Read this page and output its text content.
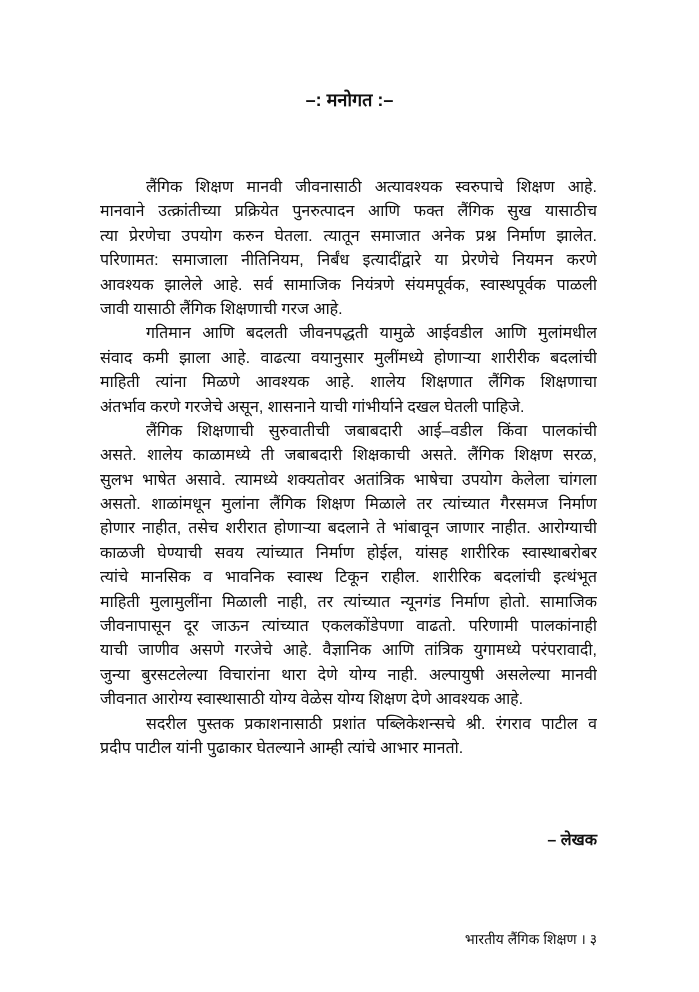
–: मनोगत :–
लैंगिक शिक्षण मानवी जीवनासाठी अत्यावश्यक स्वरुपाचे शिक्षण आहे.
मानवाने उत्क्रांतीच्या प्रक्रियेत पुनरुत्पादन आणि फक्त लैंगिक सुख यासाठीच
त्या प्रेरणेचा उपयोग करुन घेतला. त्यातून समाजात अनेक प्रश्न निर्माण झालेत.
परिणामत: समाजाला नीतिनियम, निर्बंध इत्यादींद्वारे या प्रेरणेचे नियमन करणे
आवश्यक झालेले आहे. सर्व सामाजिक नियंत्रणे संयमपूर्वक, स्वास्थपूर्वक पाळली
जावी यासाठी लैंगिक शिक्षणाची गरज आहे.
गतिमान आणि बदलती जीवनपद्धती यामुळे आईवडील आणि मुलांमधील
संवाद कमी झाला आहे. वाढत्या वयानुसार मुलींमध्ये होणाऱ्या शारीरीक बदलांची
माहिती त्यांना मिळणे आवश्यक आहे. शालेय शिक्षणात लैंगिक शिक्षणाचा
अंतर्भाव करणे गरजेचे असून, शासनाने याची गांभीर्याने दखल घेतली पाहिजे.
लैंगिक शिक्षणाची सुरुवातीची जबाबदारी आई–वडील किंवा पालकांची
असते. शालेय काळामध्ये ती जबाबदारी शिक्षकाची असते. लैंगिक शिक्षण सरळ,
सुलभ भाषेत असावे. त्यामध्ये शक्यतोवर अतांत्रिक भाषेचा उपयोग केलेला चांगला
असतो. शाळांमधून मुलांना लैंगिक शिक्षण मिळाले तर त्यांच्यात गैरसमज निर्माण
होणार नाहीत, तसेच शरीरात होणाऱ्या बदलाने ते भांबावून जाणार नाहीत. आरोग्याची
काळजी घेण्याची सवय त्यांच्यात निर्माण होईल, यांसह शारीरिक स्वास्थाबरोबर
त्यांचे मानसिक व भावनिक स्वास्थ टिकून राहील. शारीरिक बदलांची इत्थंभूत
माहिती मुलामुलींना मिळाली नाही, तर त्यांच्यात न्यूनगंड निर्माण होतो. सामाजिक
जीवनापासून दूर जाऊन त्यांच्यात एकलकोंडेपणा वाढतो. परिणामी पालकांनाही
याची जाणीव असणे गरजेचे आहे. वैज्ञानिक आणि तांत्रिक युगामध्ये परंपरावादी,
जुन्या बुरसटलेल्या विचारांना थारा देणे योग्य नाही. अल्पायुषी असलेल्या मानवी
जीवनात आरोग्य स्वास्थासाठी योग्य वेळेस योग्य शिक्षण देणे आवश्यक आहे.
सदरील पुस्तक प्रकाशनासाठी प्रशांत पब्लिकेशन्सचे श्री. रंगराव पाटील व
प्रदीप पाटील यांनी पुढाकार घेतल्याने आम्ही त्यांचे आभार मानतो.
– लेखक
भारतीय लैंगिक शिक्षण । ३
